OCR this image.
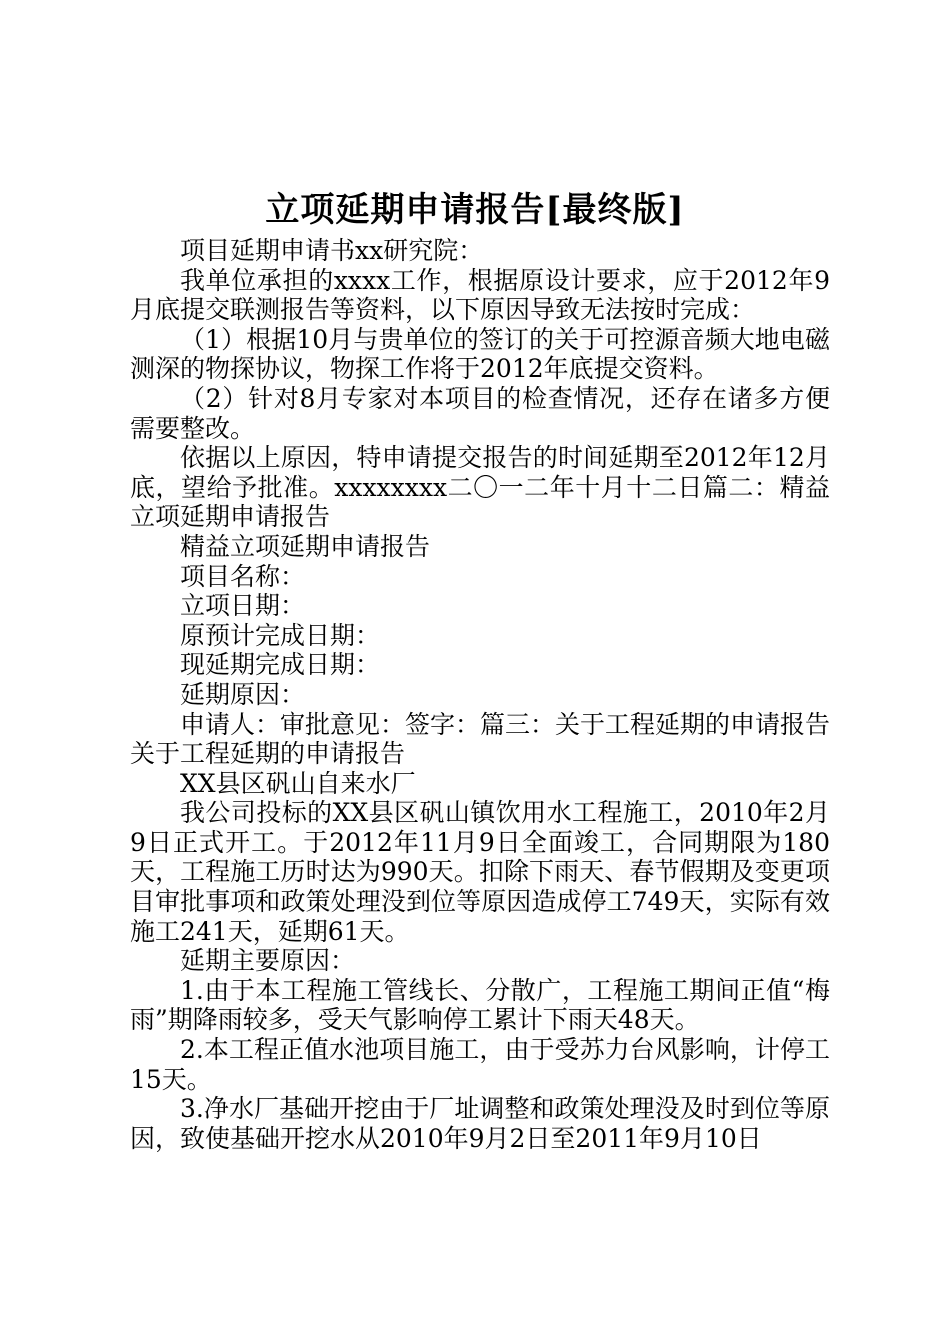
立项延期申请报告[最终版]

项目延期申请书xx研究院：

我单位承担的xxxx工作，根据原设计要求，应于2012年9月底提交联测报告等资料，以下原因导致无法按时完成：

（1）根据10月与贵单位的签订的关于可控源音频大地电磁测深的物探协议，物探工作将于2012年底提交资料。

（2）针对8月专家对本项目的检查情况，还存在诸多方便需要整改。

依据以上原因，特申请提交报告的时间延期至2012年12月底，望给予批准。xxxxxxxx二〇一二年十月十二日篇二：精益立项延期申请报告

精益立项延期申请报告

项目名称：

立项日期：

原预计完成日期：

现延期完成日期：

延期原因：

申请人：审批意见：签字：篇三：关于工程延期的申请报告关于工程延期的申请报告

XX县区矾山自来水厂

我公司投标的XX县区矾山镇饮用水工程施工，2010年2月9日正式开工。于2012年11月9日全面竣工，合同期限为180天，工程施工历时达为990天。扣除下雨天、春节假期及变更项目审批事项和政策处理没到位等原因造成停工749天，实际有效施工241天，延期61天。

延期主要原因：

1.由于本工程施工管线长、分散广，工程施工期间正值“梅雨”期降雨较多，受天气影响停工累计下雨天48天。

2.本工程正值水池项目施工，由于受苏力台风影响，计停工15天。

3.净水厂基础开挖由于厂址调整和政策处理没及时到位等原因，致使基础开挖水从2010年9月2日至2011年9月10日
